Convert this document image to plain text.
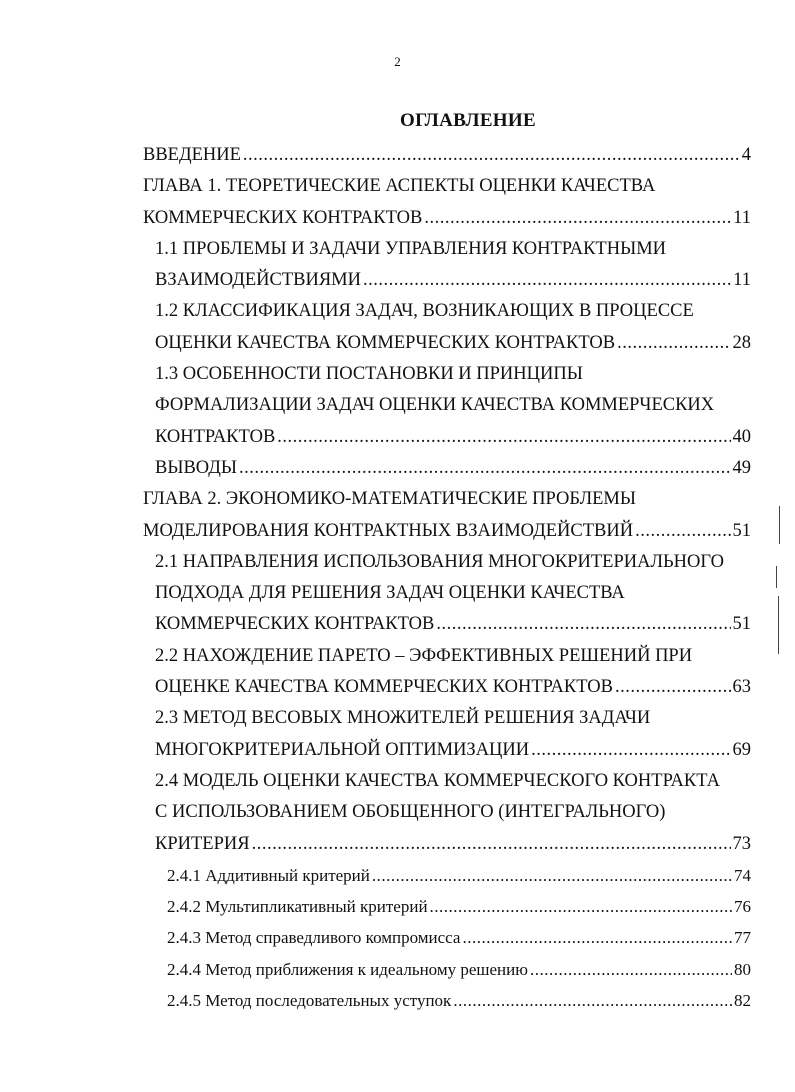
2
ОГЛАВЛЕНИЕ
ВВЕДЕНИЕ .....	4
ГЛАВА 1. ТЕОРЕТИЧЕСКИЕ АСПЕКТЫ ОЦЕНКИ КАЧЕСТВА
КОММЕРЧЕСКИХ КОНТРАКТОВ .....	11
1.1 ПРОБЛЕМЫ И ЗАДАЧИ УПРАВЛЕНИЯ КОНТРАКТНЫМИ
ВЗАИМОДЕЙСТВИЯМИ .....	11
1.2 КЛАССИФИКАЦИЯ ЗАДАЧ, ВОЗНИКАЮЩИХ В ПРОЦЕССЕ
ОЦЕНКИ КАЧЕСТВА КОММЕРЧЕСКИХ КОНТРАКТОВ .....	28
1.3 ОСОБЕННОСТИ ПОСТАНОВКИ И ПРИНЦИПЫ
ФОРМАЛИЗАЦИИ ЗАДАЧ ОЦЕНКИ КАЧЕСТВА КОММЕРЧЕСКИХ
КОНТРАКТОВ .....	40
ВЫВОДЫ .....	49
ГЛАВА 2. ЭКОНОМИКО-МАТЕМАТИЧЕСКИЕ ПРОБЛЕМЫ
МОДЕЛИРОВАНИЯ КОНТРАКТНЫХ ВЗАИМОДЕЙСТВИЙ .....	51
2.1 НАПРАВЛЕНИЯ ИСПОЛЬЗОВАНИЯ МНОГОКРИТЕРИАЛЬНОГО
ПОДХОДА ДЛЯ РЕШЕНИЯ ЗАДАЧ ОЦЕНКИ КАЧЕСТВА
КОММЕРЧЕСКИХ КОНТРАКТОВ .....	51
2.2 НАХОЖДЕНИЕ ПАРЕТО – ЭФФЕКТИВНЫХ РЕШЕНИЙ ПРИ
ОЦЕНКЕ КАЧЕСТВА КОММЕРЧЕСКИХ КОНТРАКТОВ .....	63
2.3 МЕТОД ВЕСОВЫХ МНОЖИТЕЛЕЙ РЕШЕНИЯ ЗАДАЧИ
МНОГОКРИТЕРИАЛЬНОЙ ОПТИМИЗАЦИИ .....	69
2.4 МОДЕЛЬ ОЦЕНКИ КАЧЕСТВА КОММЕРЧЕСКОГО КОНТРАКТА
С ИСПОЛЬЗОВАНИЕМ ОБОБЩЕННОГО (ИНТЕГРАЛЬНОГО)
КРИТЕРИЯ .....	73
2.4.1 Аддитивный критерий .....	74
2.4.2 Мультипликативный критерий .....	76
2.4.3 Метод справедливого компромисса .....	77
2.4.4 Метод приближения к идеальному решению .....	80
2.4.5 Метод последовательных уступок .....	82
